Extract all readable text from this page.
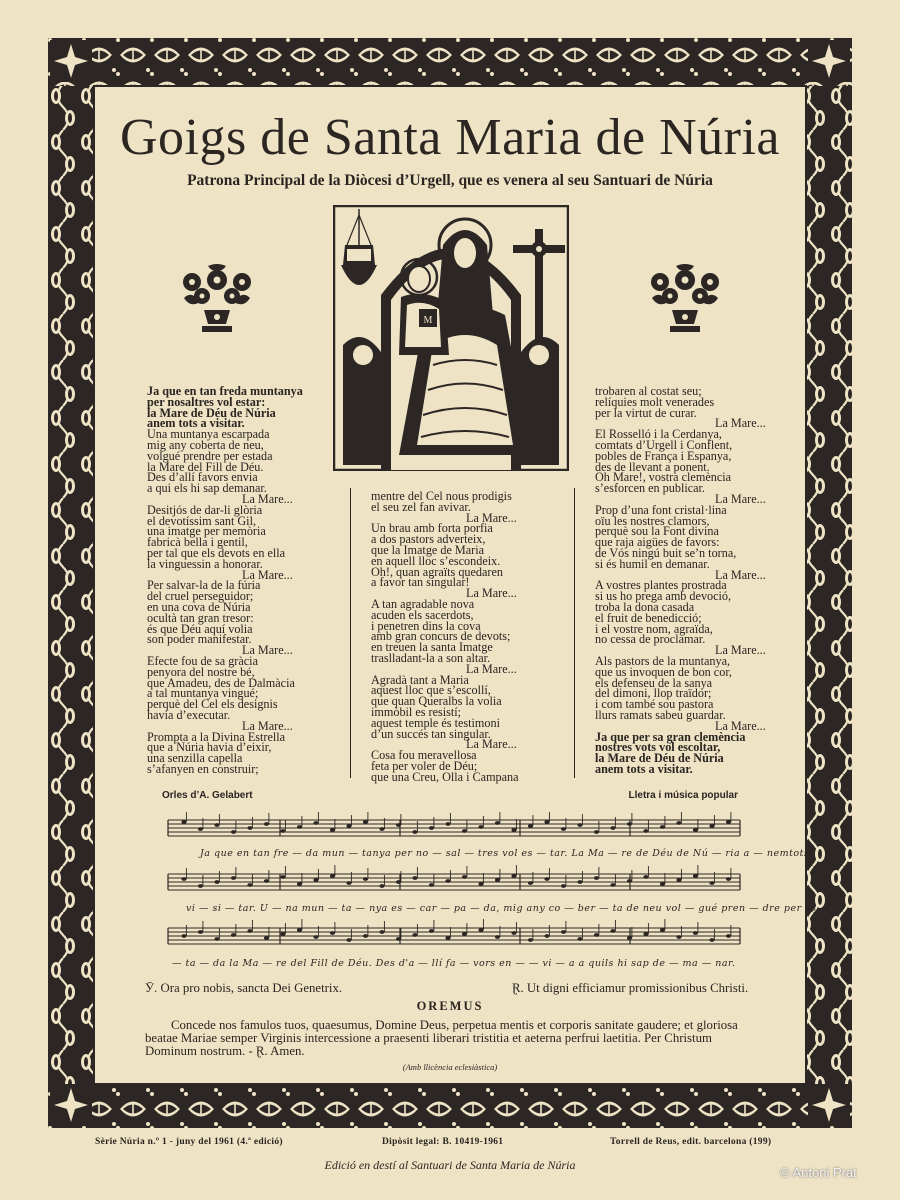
Goigs de Santa Maria de Núria
Patrona Principal de la Diòcesi d’Urgell, que es venera al seu Santuari de Núria
M
Ja que en tan freda muntanya
per nosaltres vol estar:
la Mare de Déu de Núria
anem tots a visitar.
Una muntanya escarpada
mig any coberta de neu,
volgué prendre per estada
la Mare del Fill de Déu.
Des d’allí favors envia
a qui els hi sap demanar.
La Mare...
Desitjós de dar-li glòria
el devotíssim sant Gil,
una imatge per memòria
fabricà bella i gentil,
per tal que els devots en ella
la vinguessin a honorar.
La Mare...
Per salvar-la de la fúria
del cruel perseguidor;
en una cova de Núria
ocultà tan gran tresor:
és que Déu aquí volia
son poder manifestar.
La Mare...
Efecte fou de sa gràcia
penyora del nostre bé,
que Amadeu, des de Dalmàcia
a tal muntanya vingué;
perquè del Cel els designis
havia d’executar.
La Mare...
Prompta a la Divina Estrella
que a Núria havia d’eixir,
una senzilla capella
s’afanyen en construir;
mentre del Cel nous prodigis
el seu zel fan avivar.
La Mare...
Un brau amb forta porfia
a dos pastors adverteix,
que la Imatge de Maria
en aquell lloc s’escondeix.
Oh!, quan agraïts quedaren
a favor tan singular!
La Mare...
A tan agradable nova
acuden els sacerdots,
i penetren dins la cova
amb gran concurs de devots;
en treuen la santa Imatge
traslladant-la a son altar.
La Mare...
Agradà tant a Maria
aquest lloc que s’escollí,
que quan Queralbs la volia
immòbil es resistí;
aquest temple és testimoni
d’un succés tan singular.
La Mare...
Cosa fou meravellosa
feta per voler de Déu;
que una Creu, Olla i Campana
trobaren al costat seu;
relíquies molt venerades
per la virtut de curar.
La Mare...
El Rosselló i la Cerdanya,
comtats d’Urgell i Conflent,
pobles de França i Espanya,
des de llevant a ponent.
Oh Mare!, vostra clemència
s’esforcen en publicar.
La Mare...
Prop d’una font cristal·lina
oïu les nostres clamors,
perquè sou la Font divina
que raja aigües de favors:
de Vós ningú buit se’n torna,
si és humil en demanar.
La Mare...
A vostres plantes prostrada
si us ho prega amb devoció,
troba la dona casada
el fruit de benedicció;
i el vostre nom, agraïda,
no cessa de proclamar.
La Mare...
Als pastors de la muntanya,
que us invoquen de bon cor,
els defenseu de la sanya
del dimoni, llop traïdor;
i com també sou pastora
llurs ramats sabeu guardar.
La Mare...
Ja que per sa gran clemència
nostres vots vol escoltar,
la Mare de Déu de Núria
anem tots a visitar.
Orles d’A. Gelabert	Lletra i música popular
Ja que en tan fre — da mun — tanya per no — sal — tres vol es — tar. La Ma — re de Déu de Nú — ria a — nemtots
vi — si — tar. U — na mun — ta — nya es — car — pa — da, mig any co — ber — ta de neu vol — gué pren — dre per es —
— ta — da la Ma — re del Fill de Déu. Des d'a — llí fa — vors en — — vi — a a quils hi sap de — ma — nar.
Ӯ. Ora pro nobis, sancta Dei Genetrix.	Ɽ. Ut digni efficiamur promissionibus Christi.
OREMUS
Concede nos famulos tuos, quaesumus, Domine Deus, perpetua mentis et corporis sanitate gaudere; et gloriosa beatae Mariae semper Virginis intercessione a praesenti liberari tristitia et aeterna perfrui laetitia. Per Christum Dominum nostrum. - Ɽ. Amen.
(Amb llicència eclesiàstica)
Sèrie Núria n.º 1 - juny del 1961 (4.ª edició)	Dipòsit legal: B. 10419-1961	Torrell de Reus, edit. barcelona (199)
Edició en destí al Santuari de Santa Maria de Núria	© Antoni Prat
